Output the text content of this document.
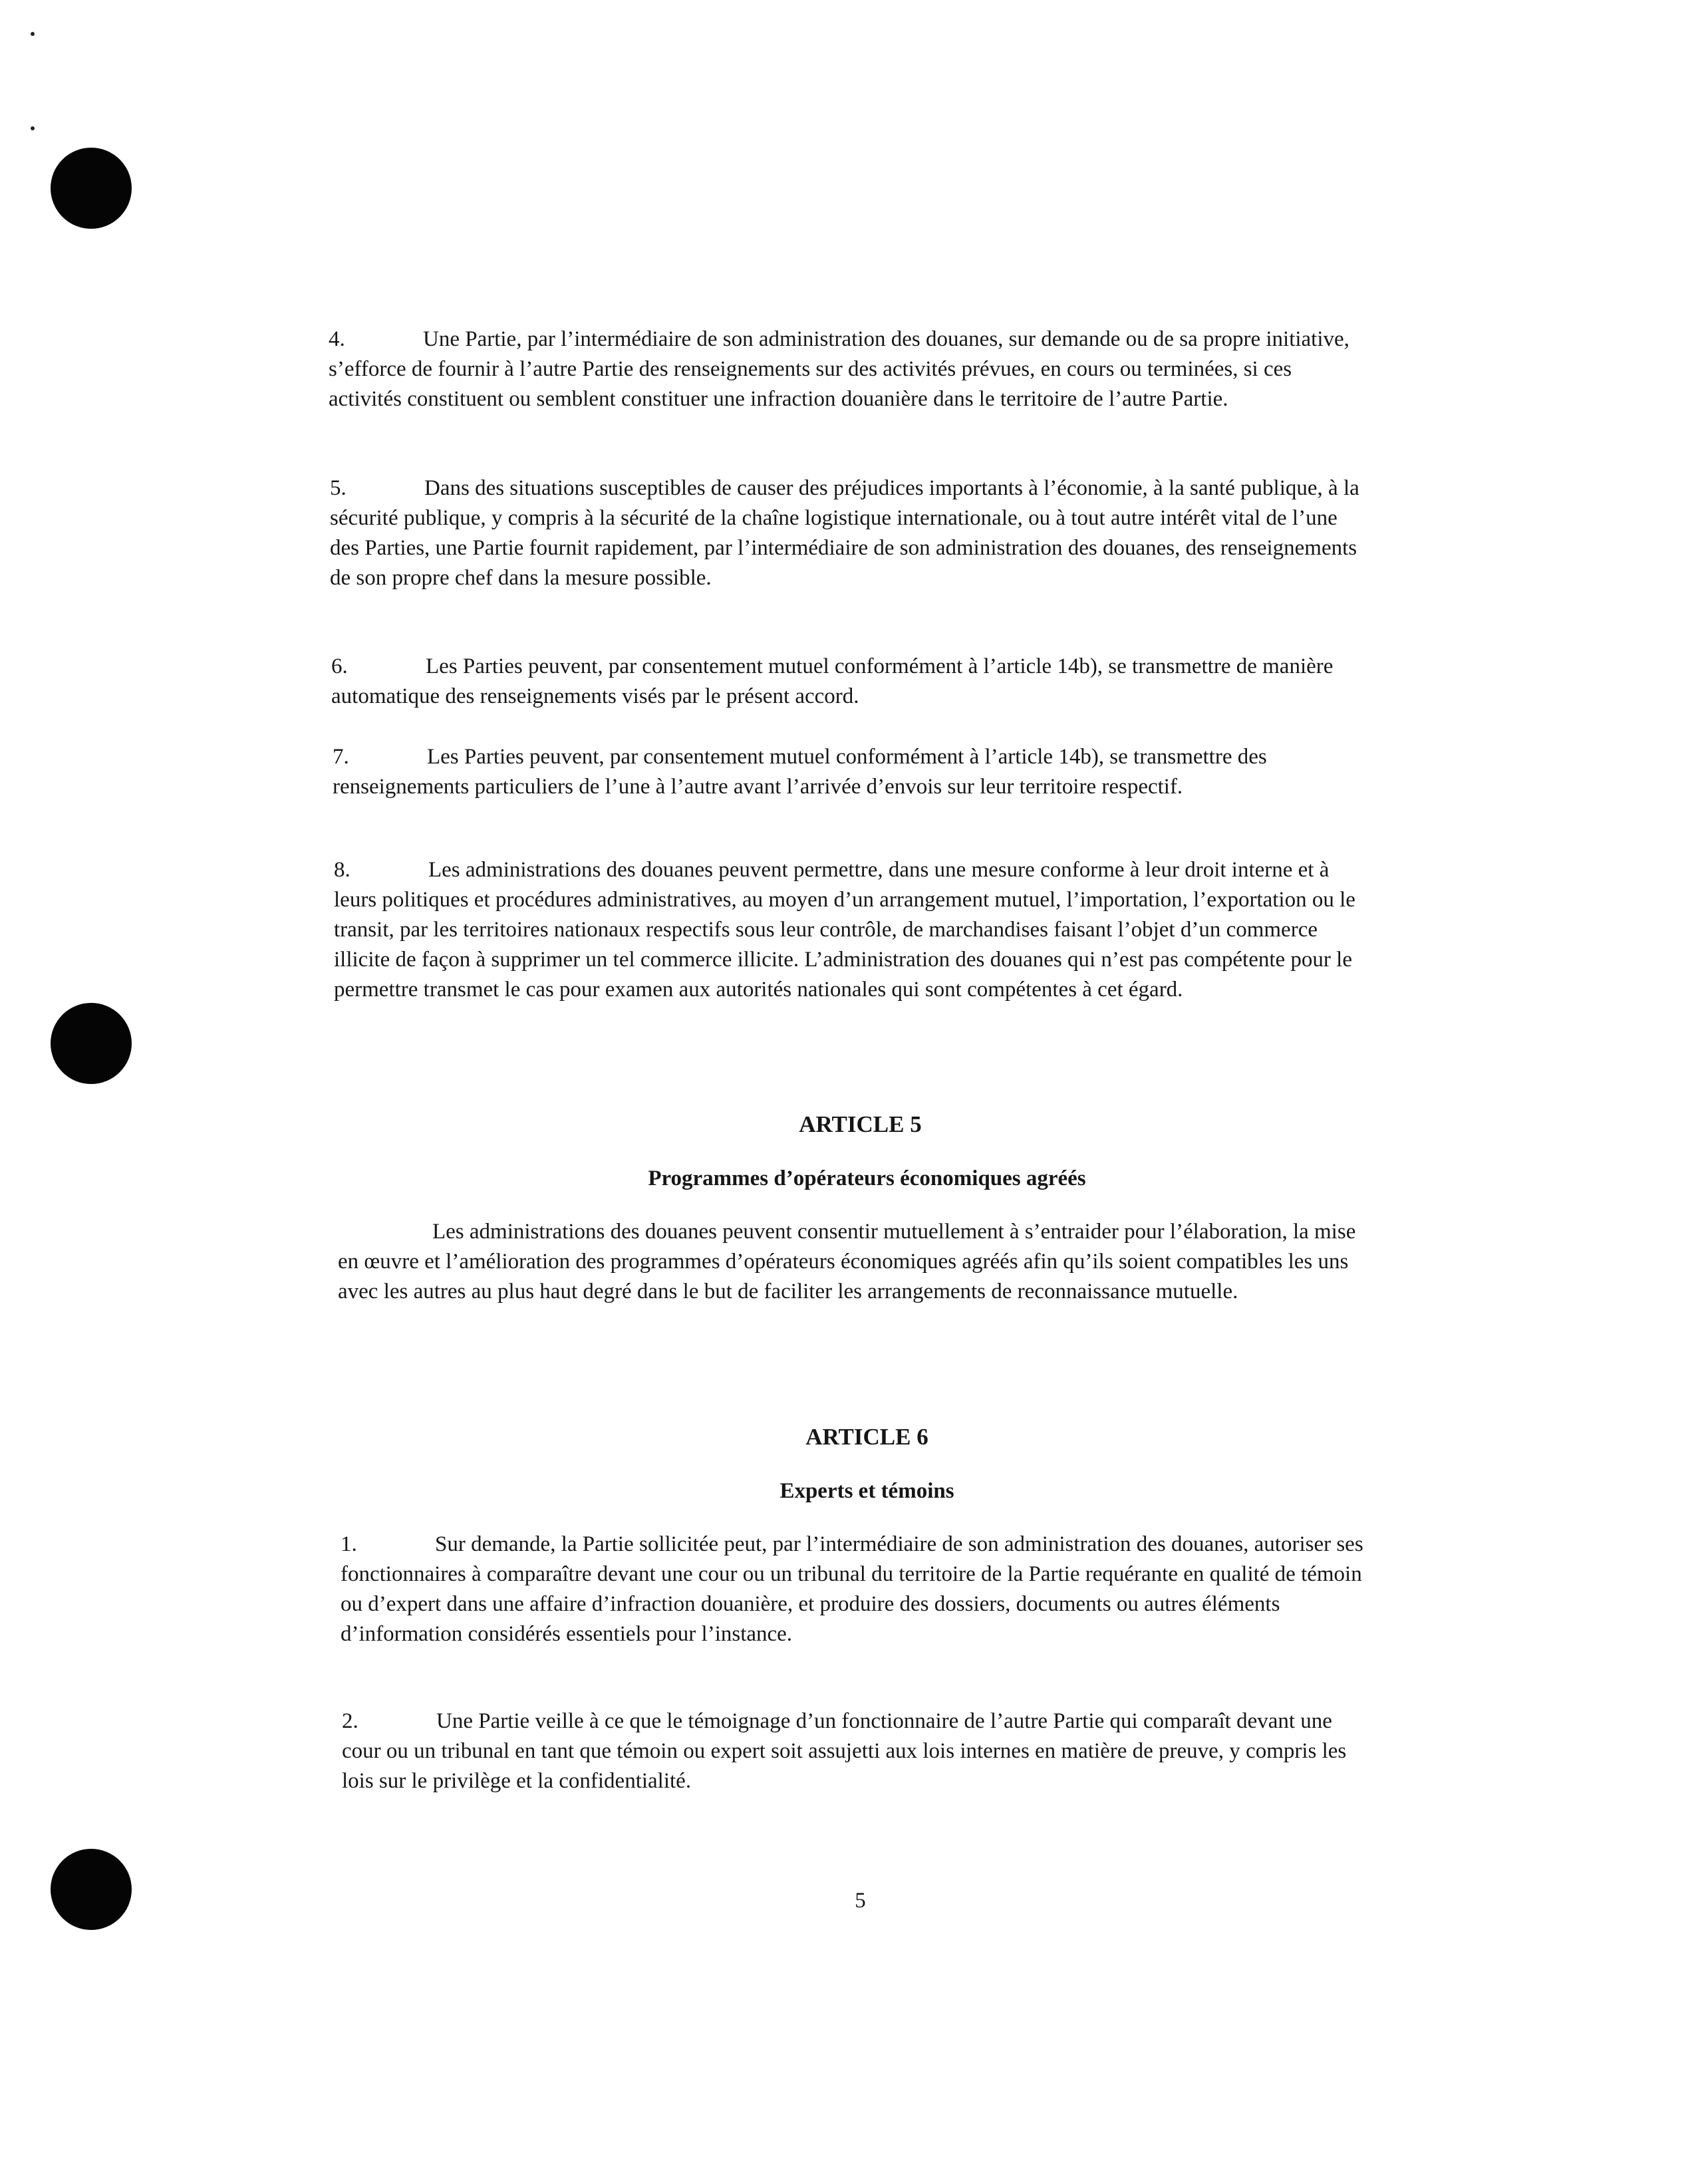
4.	Une Partie, par l’intermédiaire de son administration des douanes, sur demande ou de sa propre initiative, s’efforce de fournir à l’autre Partie des renseignements sur des activités prévues, en cours ou terminées, si ces activités constituent ou semblent constituer une infraction douanière dans le territoire de l’autre Partie.

5.	Dans des situations susceptibles de causer des préjudices importants à l’économie, à la santé publique, à la sécurité publique, y compris à la sécurité de la chaîne logistique internationale, ou à tout autre intérêt vital de l’une des Parties, une Partie fournit rapidement, par l’intermédiaire de son administration des douanes, des renseignements de son propre chef dans la mesure possible.

6.	Les Parties peuvent, par consentement mutuel conformément à l’article 14b), se transmettre de manière automatique des renseignements visés par le présent accord.

7.	Les Parties peuvent, par consentement mutuel conformément à l’article 14b), se transmettre des renseignements particuliers de l’une à l’autre avant l’arrivée d’envois sur leur territoire respectif.

8.	Les administrations des douanes peuvent permettre, dans une mesure conforme à leur droit interne et à leurs politiques et procédures administratives, au moyen d’un arrangement mutuel, l’importation, l’exportation ou le transit, par les territoires nationaux respectifs sous leur contrôle, de marchandises faisant l’objet d’un commerce illicite de façon à supprimer un tel commerce illicite. L’administration des douanes qui n’est pas compétente pour le permettre transmet le cas pour examen aux autorités nationales qui sont compétentes à cet égard.

ARTICLE 5
Programmes d’opérateurs économiques agréés

Les administrations des douanes peuvent consentir mutuellement à s’entraider pour l’élaboration, la mise en œuvre et l’amélioration des programmes d’opérateurs économiques agréés afin qu’ils soient compatibles les uns avec les autres au plus haut degré dans le but de faciliter les arrangements de reconnaissance mutuelle.

ARTICLE 6
Experts et témoins

1.	Sur demande, la Partie sollicitée peut, par l’intermédiaire de son administration des douanes, autoriser ses fonctionnaires à comparaître devant une cour ou un tribunal du territoire de la Partie requérante en qualité de témoin ou d’expert dans une affaire d’infraction douanière, et produire des dossiers, documents ou autres éléments d’information considérés essentiels pour l’instance.

2.	Une Partie veille à ce que le témoignage d’un fonctionnaire de l’autre Partie qui comparaît devant une cour ou un tribunal en tant que témoin ou expert soit assujetti aux lois internes en matière de preuve, y compris les lois sur le privilège et la confidentialité.

5
